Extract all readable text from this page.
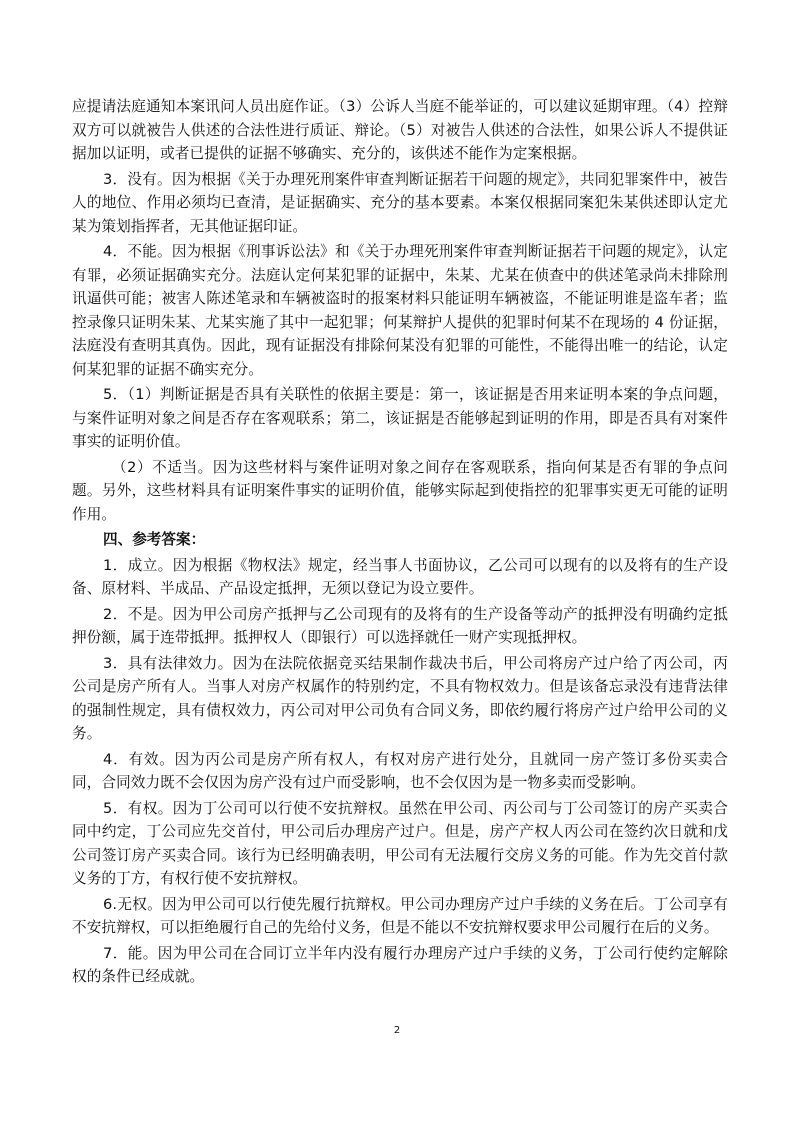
应提请法庭通知本案讯问人员出庭作证。（3）公诉人当庭不能举证的，可以建议延期审理。（4）控辩双方可以就被告人供述的合法性进行质证、辩论。（5）对被告人供述的合法性，如果公诉人不提供证据加以证明，或者已提供的证据不够确实、充分的，该供述不能作为定案根据。

3．没有。因为根据《关于办理死刑案件审查判断证据若干问题的规定》，共同犯罪案件中，被告人的地位、作用必须均已查清，是证据确实、充分的基本要素。本案仅根据同案犯朱某供述即认定尤某为策划指挥者，无其他证据印证。

4．不能。因为根据《刑事诉讼法》和《关于办理死刑案件审查判断证据若干问题的规定》，认定有罪，必须证据确实充分。法庭认定何某犯罪的证据中，朱某、尤某在侦查中的供述笔录尚未排除刑讯逼供可能；被害人陈述笔录和车辆被盗时的报案材料只能证明车辆被盗，不能证明谁是盗车者；监控录像只证明朱某、尤某实施了其中一起犯罪；何某辩护人提供的犯罪时何某不在现场的 4 份证据，法庭没有查明其真伪。因此，现有证据没有排除何某没有犯罪的可能性，不能得出唯一的结论，认定何某犯罪的证据不确实充分。

5．（1）判断证据是否具有关联性的依据主要是：第一，该证据是否用来证明本案的争点问题，与案件证明对象之间是否存在客观联系；第二，该证据是否能够起到证明的作用，即是否具有对案件事实的证明价值。

（2）不适当。因为这些材料与案件证明对象之间存在客观联系，指向何某是否有罪的争点问题。另外，这些材料具有证明案件事实的证明价值，能够实际起到使指控的犯罪事实更无可能的证明作用。

四、参考答案：

1．成立。因为根据《物权法》规定，经当事人书面协议，乙公司可以现有的以及将有的生产设备、原材料、半成品、产品设定抵押，无须以登记为设立要件。

2．不是。因为甲公司房产抵押与乙公司现有的及将有的生产设备等动产的抵押没有明确约定抵押份额，属于连带抵押。抵押权人（即银行）可以选择就任一财产实现抵押权。

3．具有法律效力。因为在法院依据竞买结果制作裁决书后，甲公司将房产过户给了丙公司，丙公司是房产所有人。当事人对房产权属作的特别约定，不具有物权效力。但是该备忘录没有违背法律的强制性规定，具有债权效力，丙公司对甲公司负有合同义务，即依约履行将房产过户给甲公司的义务。

4．有效。因为丙公司是房产所有权人，有权对房产进行处分，且就同一房产签订多份买卖合同，合同效力既不会仅因为房产没有过户而受影响，也不会仅因为是一物多卖而受影响。

5．有权。因为丁公司可以行使不安抗辩权。虽然在甲公司、丙公司与丁公司签订的房产买卖合同中约定，丁公司应先交首付，甲公司后办理房产过户。但是，房产产权人丙公司在签约次日就和戊公司签订房产买卖合同。该行为已经明确表明，甲公司有无法履行交房义务的可能。作为先交首付款义务的丁方，有权行使不安抗辩权。

6.无权。因为甲公司可以行使先履行抗辩权。甲公司办理房产过户手续的义务在后。丁公司享有不安抗辩权，可以拒绝履行自己的先给付义务，但是不能以不安抗辩权要求甲公司履行在后的义务。

7．能。因为甲公司在合同订立半年内没有履行办理房产过户手续的义务，丁公司行使约定解除权的条件已经成就。

2
